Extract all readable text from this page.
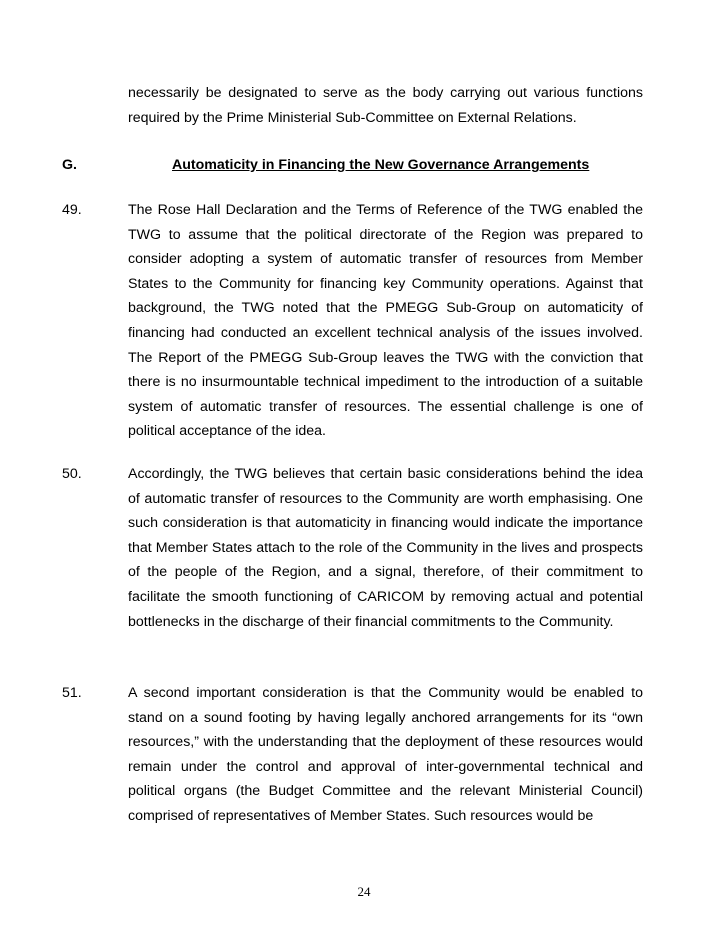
necessarily be designated to serve as the body carrying out various functions required by the Prime Ministerial Sub-Committee on External Relations.

G.	Automaticity in Financing the New Governance Arrangements
49.	The Rose Hall Declaration and the Terms of Reference of the TWG enabled the TWG to assume that the political directorate of the Region was prepared to consider adopting a system of automatic transfer of resources from Member States to the Community for financing key Community operations. Against that background, the TWG noted that the PMEGG Sub-Group on automaticity of financing had conducted an excellent technical analysis of the issues involved. The Report of the PMEGG Sub-Group leaves the TWG with the conviction that there is no insurmountable technical impediment to the introduction of a suitable system of automatic transfer of resources. The essential challenge is one of political acceptance of the idea.

50.	Accordingly, the TWG believes that certain basic considerations behind the idea of automatic transfer of resources to the Community are worth emphasising. One such consideration is that automaticity in financing would indicate the importance that Member States attach to the role of the Community in the lives and prospects of the people of the Region, and a signal, therefore, of their commitment to facilitate the smooth functioning of CARICOM by removing actual and potential bottlenecks in the discharge of their financial commitments to the Community.

51.	A second important consideration is that the Community would be enabled to stand on a sound footing by having legally anchored arrangements for its “own resources,” with the understanding that the deployment of these resources would remain under the control and approval of inter-governmental technical and political organs (the Budget Committee and the relevant Ministerial Council) comprised of representatives of Member States. Such resources would be

24
